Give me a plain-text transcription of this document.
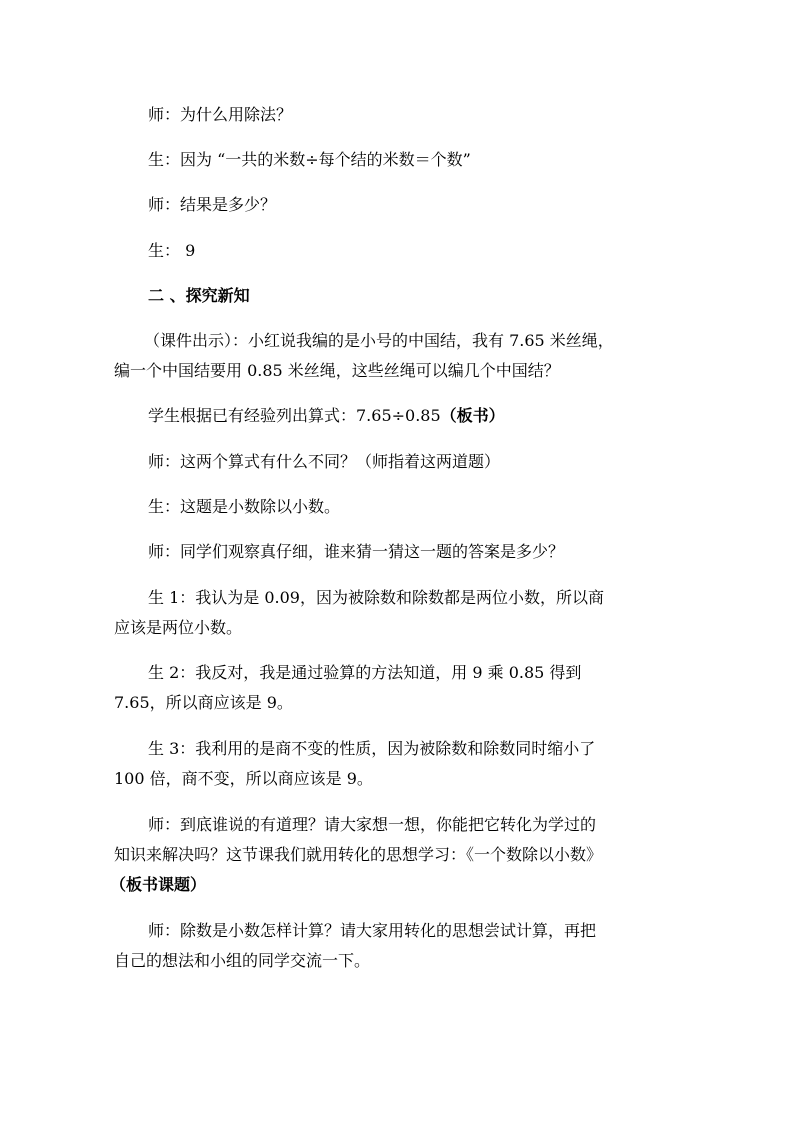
师：为什么用除法？
生：因为 “一共的米数÷每个结的米数＝个数”
师：结果是多少？
生： 9
二 、探究新知
（课件出示）：小红说我编的是小号的中国结，我有 7.65 米丝绳，
编一个中国结要用 0.85 米丝绳，这些丝绳可以编几个中国结？
学生根据已有经验列出算式：7.65÷0.85（板书）
师：这两个算式有什么不同？（师指着这两道题）
生：这题是小数除以小数。
师：同学们观察真仔细，谁来猜一猜这一题的答案是多少？
生 1：我认为是 0.09，因为被除数和除数都是两位小数，所以商
应该是两位小数。
生 2：我反对，我是通过验算的方法知道，用 9 乘 0.85 得到
7.65，所以商应该是 9。
生 3：我利用的是商不变的性质，因为被除数和除数同时缩小了
100 倍，商不变，所以商应该是 9。
师：到底谁说的有道理？请大家想一想，你能把它转化为学过的
知识来解决吗？这节课我们就用转化的思想学习：《一个数除以小数》
（板书课题）
师：除数是小数怎样计算？请大家用转化的思想尝试计算，再把
自己的想法和小组的同学交流一下。
